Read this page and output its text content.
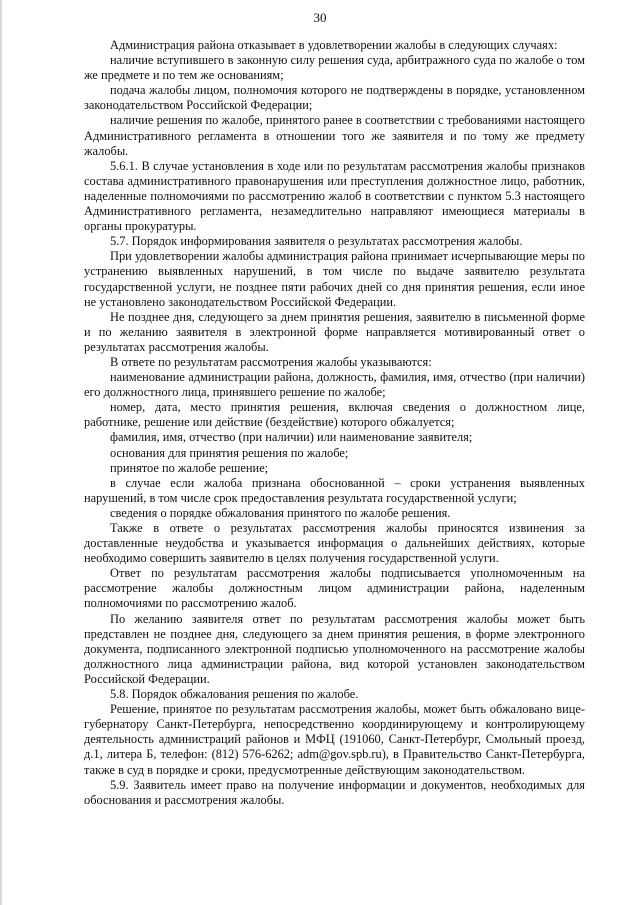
30

Администрация района отказывает в удовлетворении жалобы в следующих случаях:

наличие вступившего в законную силу решения суда, арбитражного суда по жалобе о том же предмете и по тем же основаниям;

подача жалобы лицом, полномочия которого не подтверждены в порядке, установленном законодательством Российской Федерации;

наличие решения по жалобе, принятого ранее в соответствии с требованиями настоящего Административного регламента в отношении того же заявителя и по тому же предмету жалобы.

5.6.1. В случае установления в ходе или по результатам рассмотрения жалобы признаков состава административного правонарушения или преступления должностное лицо, работник, наделенные полномочиями по рассмотрению жалоб в соответствии с пунктом 5.3 настоящего Административного регламента, незамедлительно направляют имеющиеся материалы в органы прокуратуры.

5.7. Порядок информирования заявителя о результатах рассмотрения жалобы.

При удовлетворении жалобы администрация района принимает исчерпывающие меры по устранению выявленных нарушений, в том числе по выдаче заявителю результата государственной услуги, не позднее пяти рабочих дней со дня принятия решения, если иное не установлено законодательством Российской Федерации.

Не позднее дня, следующего за днем принятия решения, заявителю в письменной форме и по желанию заявителя в электронной форме направляется мотивированный ответ о результатах рассмотрения жалобы.

В ответе по результатам рассмотрения жалобы указываются:

наименование администрации района, должность, фамилия, имя, отчество (при наличии) его должностного лица, принявшего решение по жалобе;

номер, дата, место принятия решения, включая сведения о должностном лице, работнике, решение или действие (бездействие) которого обжалуется;

фамилия, имя, отчество (при наличии) или наименование заявителя;

основания для принятия решения по жалобе;

принятое по жалобе решение;

в случае если жалоба признана обоснованной – сроки устранения выявленных нарушений, в том числе срок предоставления результата государственной услуги;

сведения о порядке обжалования принятого по жалобе решения.

Также в ответе о результатах рассмотрения жалобы приносятся извинения за доставленные неудобства и указывается информация о дальнейших действиях, которые необходимо совершить заявителю в целях получения государственной услуги.

Ответ по результатам рассмотрения жалобы подписывается уполномоченным на рассмотрение жалобы должностным лицом администрации района, наделенным полномочиями по рассмотрению жалоб.

По желанию заявителя ответ по результатам рассмотрения жалобы может быть представлен не позднее дня, следующего за днем принятия решения, в форме электронного документа, подписанного электронной подписью уполномоченного на рассмотрение жалобы должностного лица администрации района, вид которой установлен законодательством Российской Федерации.

5.8. Порядок обжалования решения по жалобе.

Решение, принятое по результатам рассмотрения жалобы, может быть обжаловано вице-губернатору Санкт-Петербурга, непосредственно координирующему и контролирующему деятельность администраций районов и МФЦ (191060, Санкт-Петербург, Смольный проезд, д.1, литера Б, телефон: (812) 576-6262; adm@gov.spb.ru), в Правительство Санкт-Петербурга, также в суд в порядке и сроки, предусмотренные действующим законодательством.

5.9. Заявитель имеет право на получение информации и документов, необходимых для обоснования и рассмотрения жалобы.
